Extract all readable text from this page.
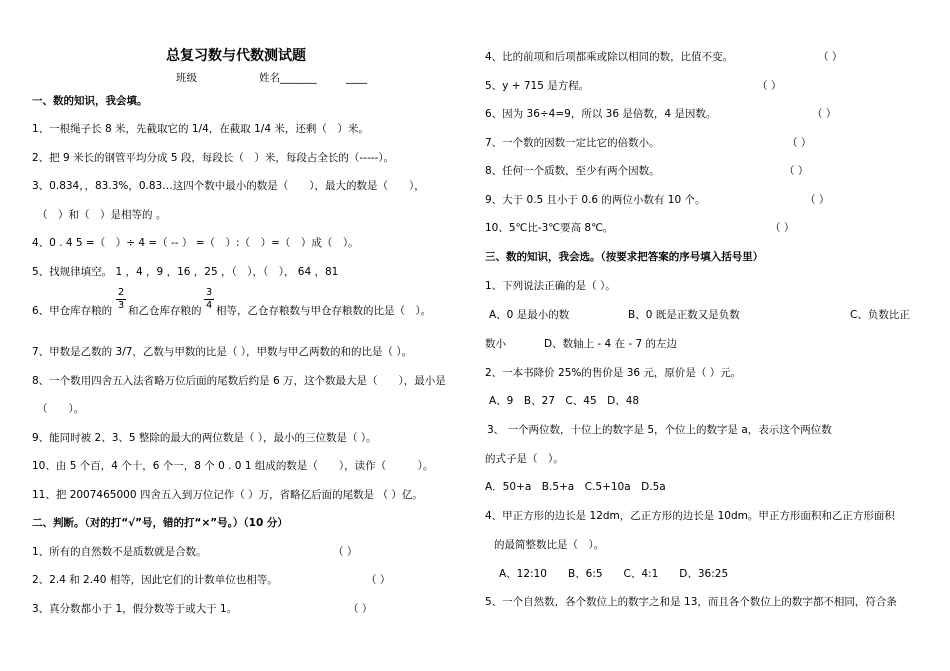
总复习数与代数测试题
班级	姓名_______	____
一、数的知识，我会填。
1、一根绳子长 8 米，先截取它的 1/4，在截取 1/4 米，还剩（　）米。
2、把 9 米长的钢管平均分成 5 段，每段长（　）米，每段占全长的（-----）。
3、0.834，，83.3%，0.83…这四个数中最小的数是（　　），最大的数是（　　），
（　）和（　）是相等的 。
4、0 . 4 5 =（　）÷ 4 =（ -- ） =（　）:（　）=（　）成（　）。
5、找规律填空。 1 ，4 ，9 ，16 ，25 ，（　），（　）， 64 ，81
6、甲仓库存粮的 $\frac{2}{3}$ 和乙仓库存粮的 $\frac{3}{4}$ 相等，乙仓存粮数与甲仓存粮数的比是（　）。
7、甲数是乙数的 3/7，乙数与甲数的比是（ ），甲数与甲乙两数的和的比是（ ）。
8、一个数用四舍五入法省略万位后面的尾数后约是 6 万，这个数最大是（　　），最小是
（　　）。
9、能同时被 2、3、5 整除的最大的两位数是（ ），最小的三位数是（ ）。
10、由 5 个百，4 个十，6 个一，8 个 0 . 0 1 组成的数是（　　），读作（　　　）。
11、把 2007465000 四舍五入到万位记作（ ）万，省略亿后面的尾数是 （ ）亿。
二、判断。（对的打“√”号，错的打“×”号。）（10 分）
1、所有的自然数不是质数就是合数。	（ ）
2、2.4 和 2.40 相等，因此它们的计数单位也相等。	（ ）
3、真分数都小于 1，假分数等于或大于 1。	（ ）
4、比的前项和后项都乘或除以相同的数，比值不变。	（ ）
5、y + 715 是方程。	（ ）
6、因为 36÷4=9，所以 36 是倍数，4 是因数。	（ ）
7、一个数的因数一定比它的倍数小。	（ ）
8、任何一个质数，至少有两个因数。	（ ）
9、大于 0.5 且小于 0.6 的两位小数有 10 个。	（ ）
10、5℃比-3℃要高 8℃。	（ ）
三、数的知识，我会选。（按要求把答案的序号填入括号里）
1、下列说法正确的是（ ）。
A、0 是最小的数	B、0 既是正数又是负数	C、负数比正
数小	D、数轴上 - 4 在 - 7 的左边
2、一本书降价 25%的售价是 36 元，原价是（ ）元。
A、9　B、27　C、45　D、48
3、 一个两位数，十位上的数字是 5，个位上的数字是 a，表示这个两位数
的式子是（　）。
A．50+a　B.5+a　C.5+10a　D.5a
4、甲正方形的边长是 12dm，乙正方形的边长是 10dm。甲正方形面积和乙正方形面积
的最简整数比是（　）。
A、12:10　　B、6:5　　C、4:1　　D、36:25
5、一个自然数，各个数位上的数字之和是 13，而且各个数位上的数字都不相同，符合条
